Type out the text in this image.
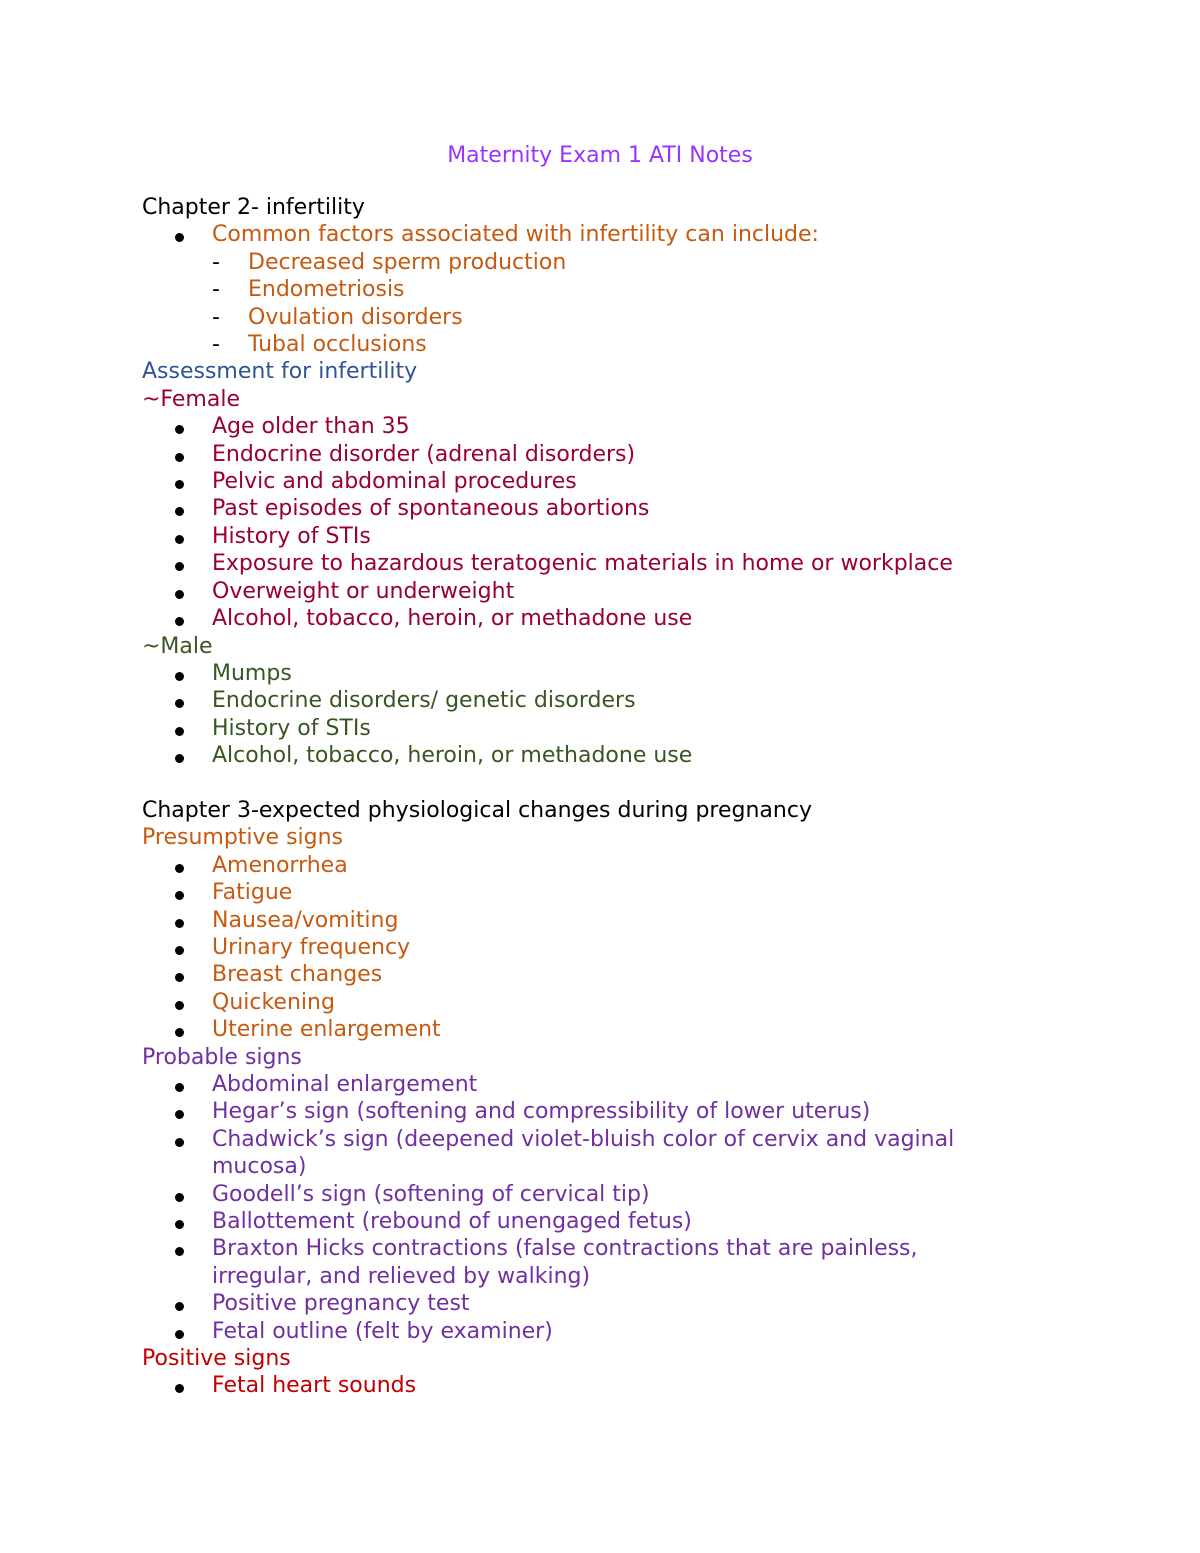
Maternity Exam 1 ATI Notes
Chapter 2- infertility
Common factors associated with infertility can include:
- Decreased sperm production
- Endometriosis
- Ovulation disorders
- Tubal occlusions
Assessment for infertility
~Female
Age older than 35
Endocrine disorder (adrenal disorders)
Pelvic and abdominal procedures
Past episodes of spontaneous abortions
History of STIs
Exposure to hazardous teratogenic materials in home or workplace
Overweight or underweight
Alcohol, tobacco, heroin, or methadone use
~Male
Mumps
Endocrine disorders/ genetic disorders
History of STIs
Alcohol, tobacco, heroin, or methadone use
Chapter 3-expected physiological changes during pregnancy
Presumptive signs
Amenorrhea
Fatigue
Nausea/vomiting
Urinary frequency
Breast changes
Quickening
Uterine enlargement
Probable signs
Abdominal enlargement
Hegar’s sign (softening and compressibility of lower uterus)
Chadwick’s sign (deepened violet-bluish color of cervix and vaginal mucosa)
Goodell’s sign (softening of cervical tip)
Ballottement (rebound of unengaged fetus)
Braxton Hicks contractions (false contractions that are painless, irregular, and relieved by walking)
Positive pregnancy test
Fetal outline (felt by examiner)
Positive signs
Fetal heart sounds
